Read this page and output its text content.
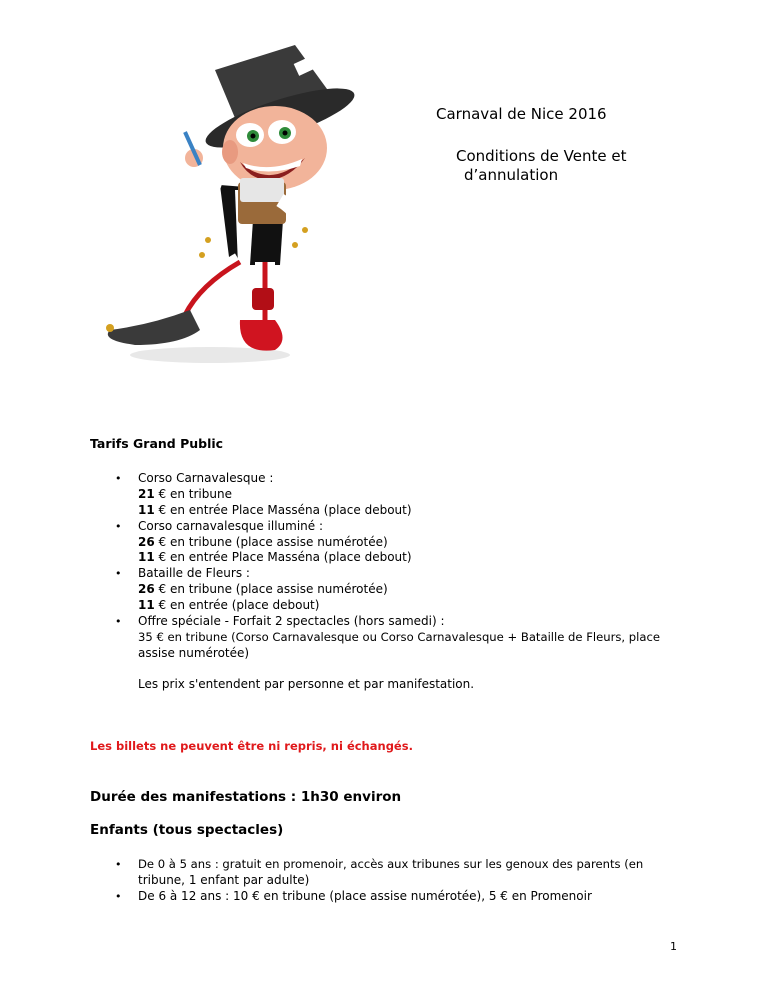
Carnaval de Nice 2016
Conditions de Vente et
d’annulation
Tarifs Grand Public
• Corso Carnavalesque :
21 € en tribune
11 € en entrée Place Masséna (place debout)
• Corso carnavalesque illuminé :
26 € en tribune (place assise numérotée)
11 € en entrée Place Masséna (place debout)
• Bataille de Fleurs :
26 € en tribune (place assise numérotée)
11 € en entrée (place debout)
• Offre spéciale - Forfait 2 spectacles (hors samedi) :
35 € en tribune (Corso Carnavalesque ou Corso Carnavalesque + Bataille de Fleurs, place
assise numérotée)
Les prix s'entendent par personne et par manifestation.
Les billets ne peuvent être ni repris, ni échangés.
Durée des manifestations : 1h30 environ
Enfants (tous spectacles)
• De 0 à 5 ans : gratuit en promenoir, accès aux tribunes sur les genoux des parents (en
tribune, 1 enfant par adulte)
• De 6 à 12 ans : 10 € en tribune (place assise numérotée), 5 € en Promenoir
1
